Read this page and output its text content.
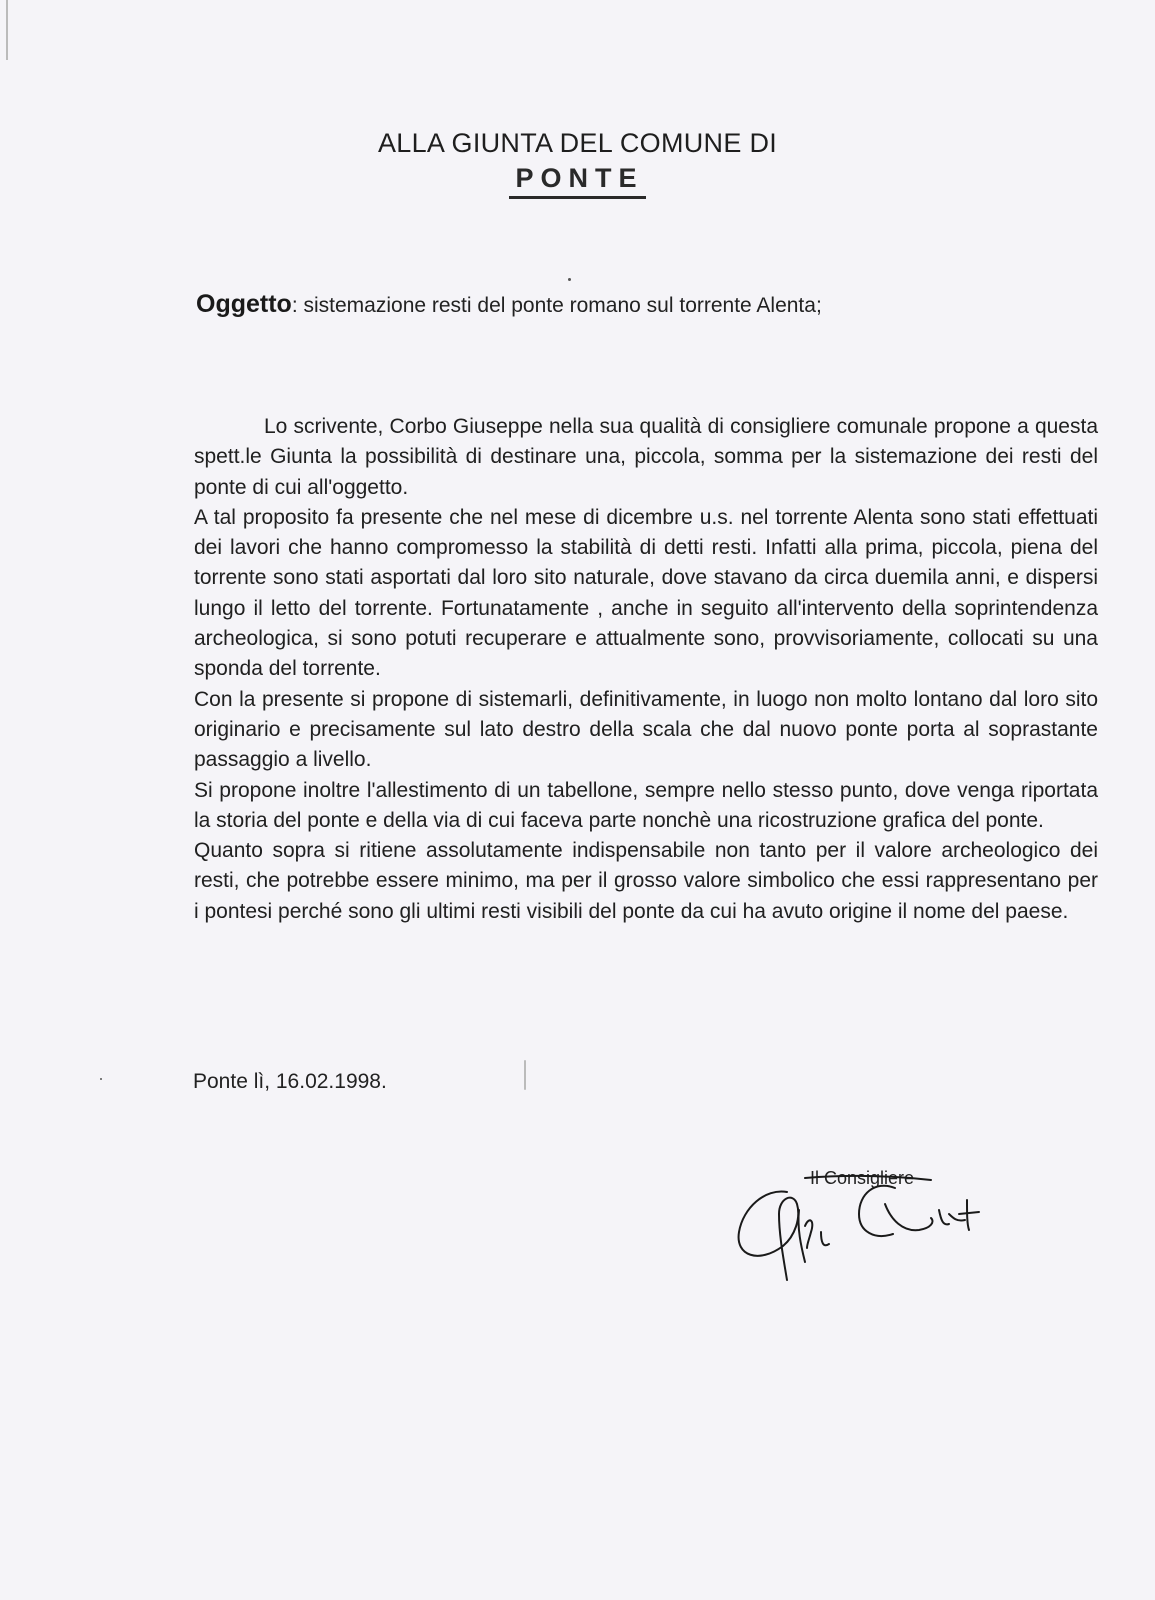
ALLA GIUNTA DEL COMUNE DI
PONTE
Oggetto: sistemazione resti del ponte romano sul torrente Alenta;

Lo scrivente, Corbo Giuseppe nella sua qualità di consigliere comunale propone a questa spett.le Giunta la possibilità di destinare una, piccola, somma per la sistemazione dei resti del ponte di cui all'oggetto.

A tal proposito fa presente che nel mese di dicembre u.s. nel torrente Alenta sono stati effettuati dei lavori che hanno compromesso la stabilità di detti resti. Infatti alla prima, piccola, piena del torrente sono stati asportati dal loro sito naturale, dove stavano da circa duemila anni, e dispersi lungo il letto del torrente. Fortunatamente , anche in seguito all'intervento della soprintendenza archeologica, si sono potuti recuperare e attualmente sono, provvisoriamente, collocati su una sponda del torrente.

Con la presente si propone di sistemarli, definitivamente, in luogo non molto lontano dal loro sito originario e precisamente sul lato destro della scala che dal nuovo ponte porta al soprastante passaggio a livello.

Si propone inoltre l'allestimento di un tabellone, sempre nello stesso punto, dove venga riportata la storia del ponte e della via di cui faceva parte nonchè una ricostruzione grafica del ponte.

Quanto sopra si ritiene assolutamente indispensabile non tanto per il valore archeologico dei resti, che potrebbe essere minimo, ma per il grosso valore simbolico che essi rappresentano per i pontesi perché sono gli ultimi resti visibili del ponte da cui ha avuto origine il nome del paese.

Ponte lì, 16.02.1998.
Il Consigliere
